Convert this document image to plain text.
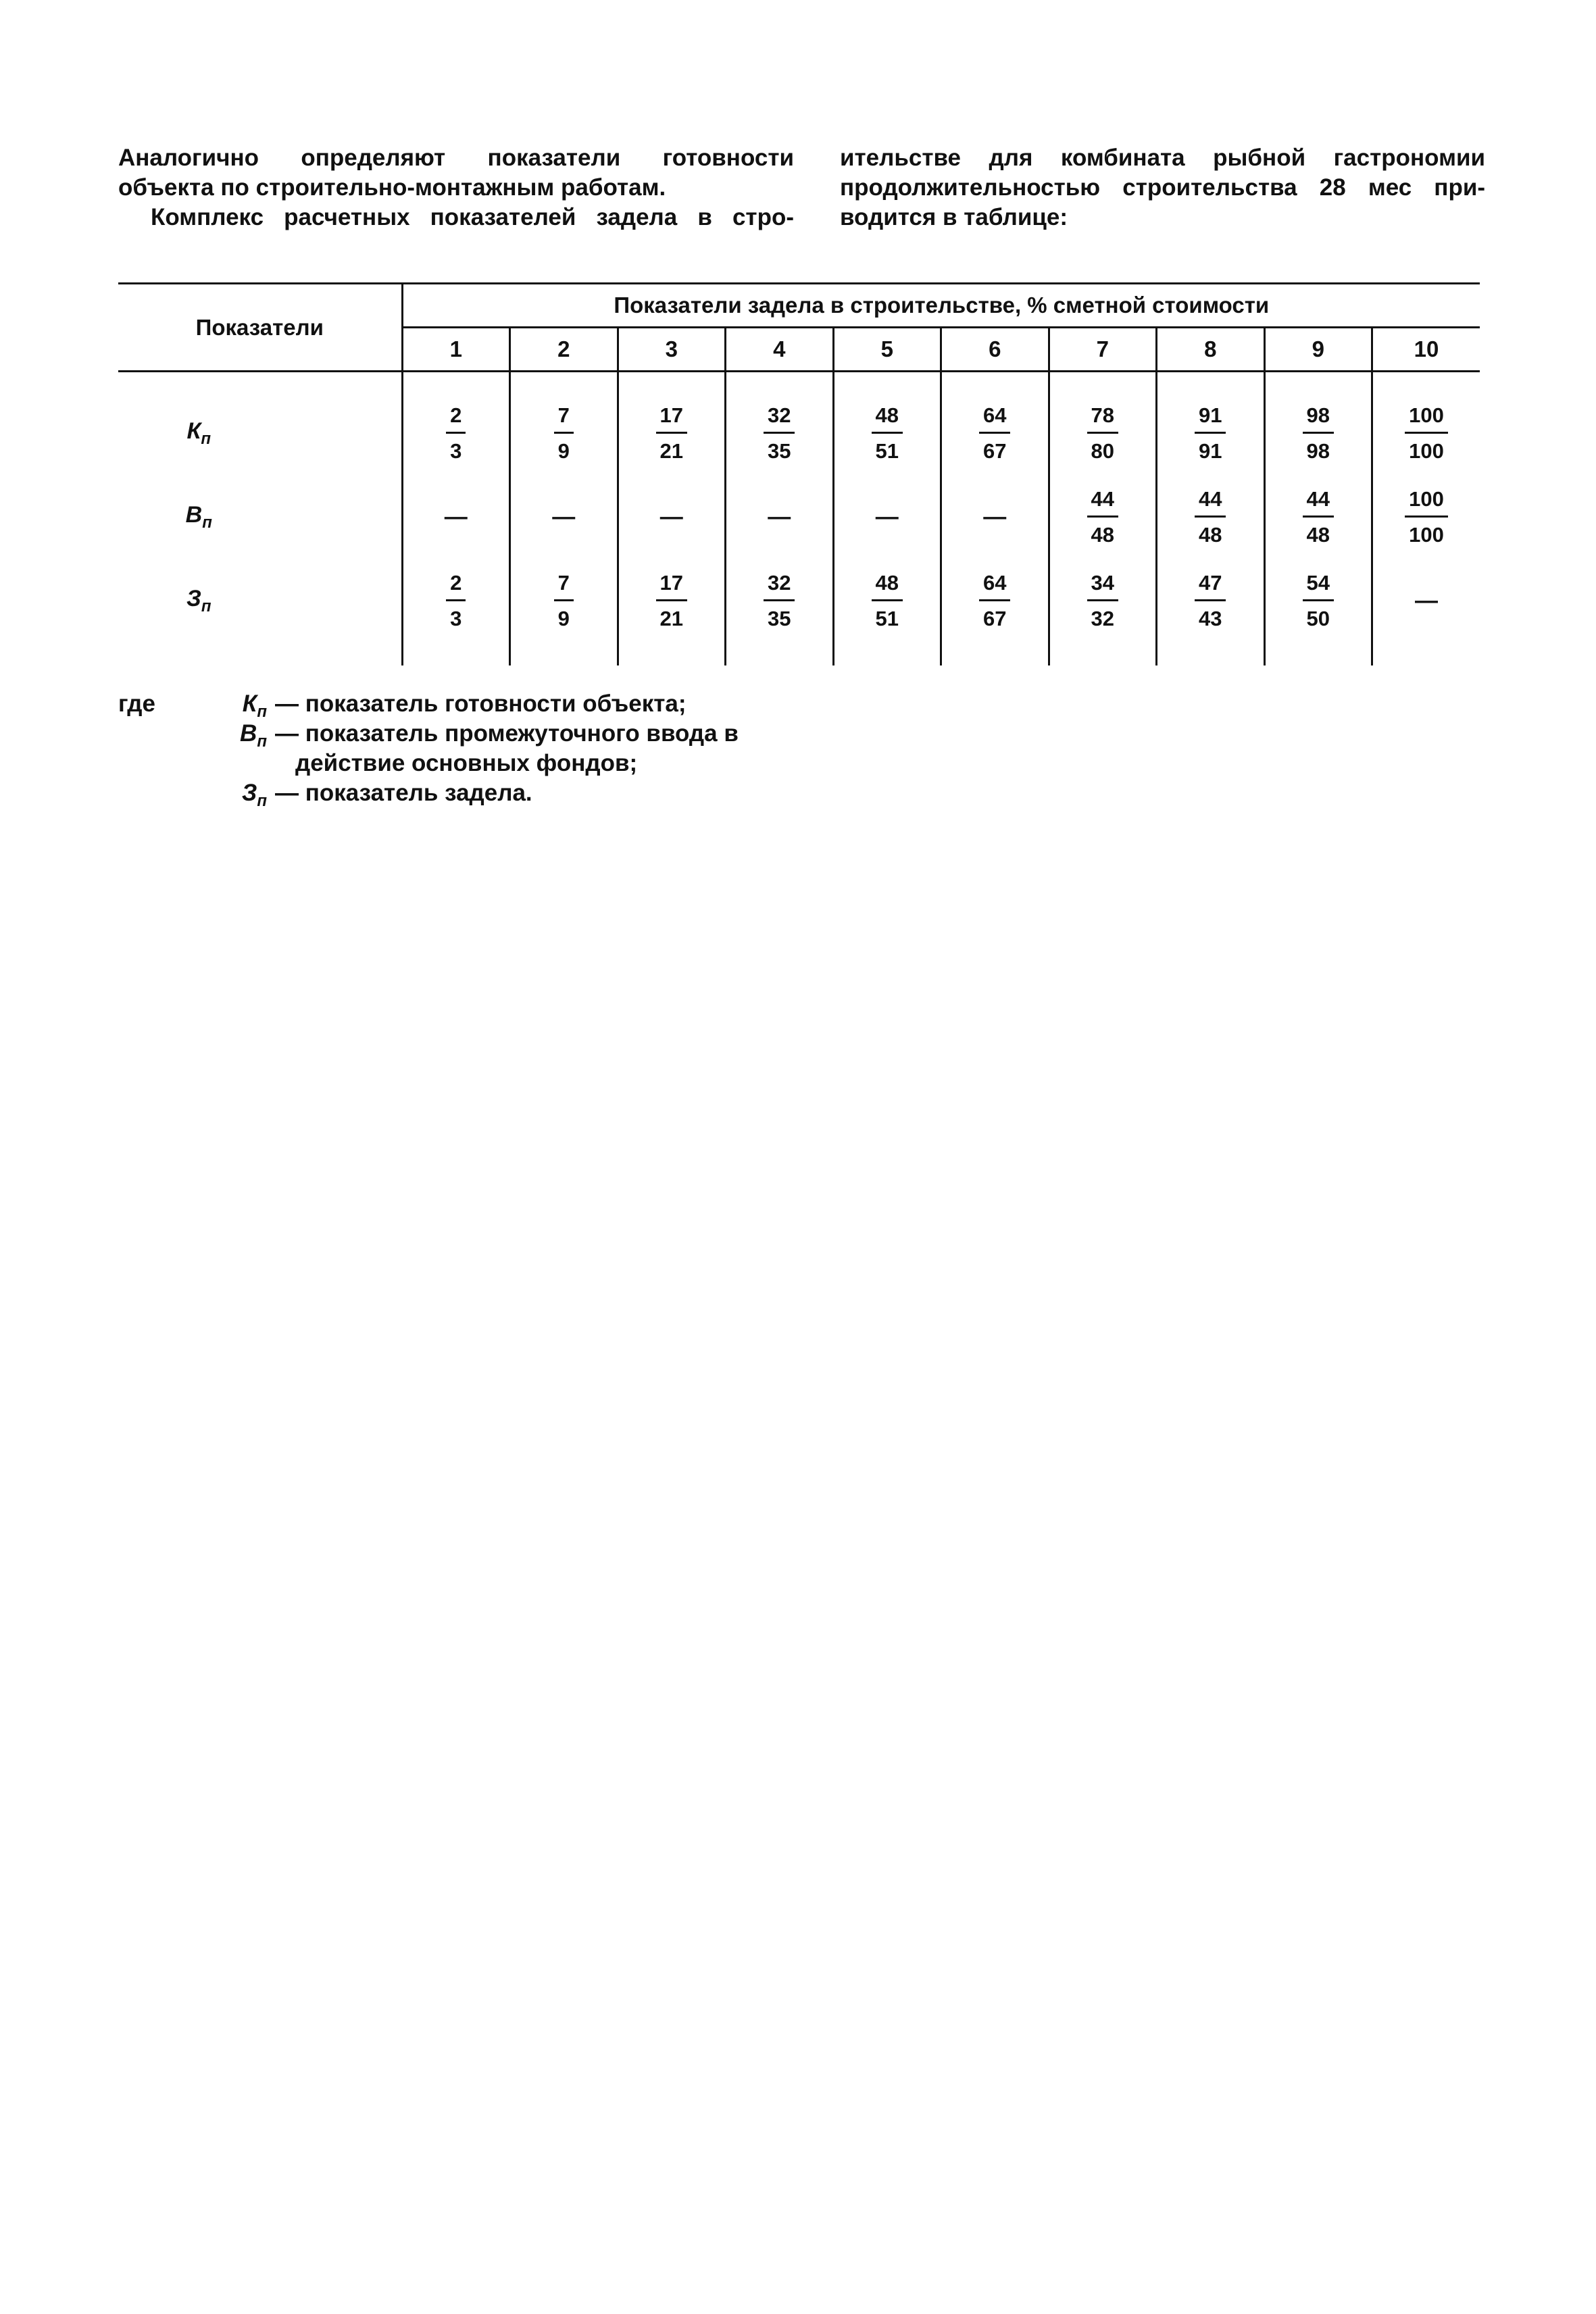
Аналогично определяют показатели готовности

объекта по строительно-монтажным работам.

Комплекс расчетных показателей задела в стро-

ительстве для комбината рыбной гастрономии

продолжительностью строительства 28 мес при-

водится в таблице:

Показатели	Показатели задела в строительстве, % сметной стоимости									
	1	2	3	4	5	6	7	8	9	10

$К_п$	$\frac{2}{3}$	$\frac{7}{9}$	$\frac{17}{21}$	$\frac{32}{35}$	$\frac{48}{51}$	$\frac{64}{67}$	$\frac{78}{80}$	$\frac{91}{91}$	$\frac{98}{98}$	$\frac{100}{100}$

$В_п$	—	—	—	—	—	—	$\frac{44}{48}$	$\frac{44}{48}$	$\frac{44}{48}$	$\frac{100}{100}$

$З_п$	$\frac{2}{3}$	$\frac{7}{9}$	$\frac{17}{21}$	$\frac{32}{35}$	$\frac{48}{51}$	$\frac{64}{67}$	$\frac{34}{32}$	$\frac{47}{43}$	$\frac{54}{50}$	—

где	$К_п$ — показатель готовности объекта;
$В_п$ — показатель промежуточного ввода в
действие основных фондов;
$З_п$ — показатель задела.
